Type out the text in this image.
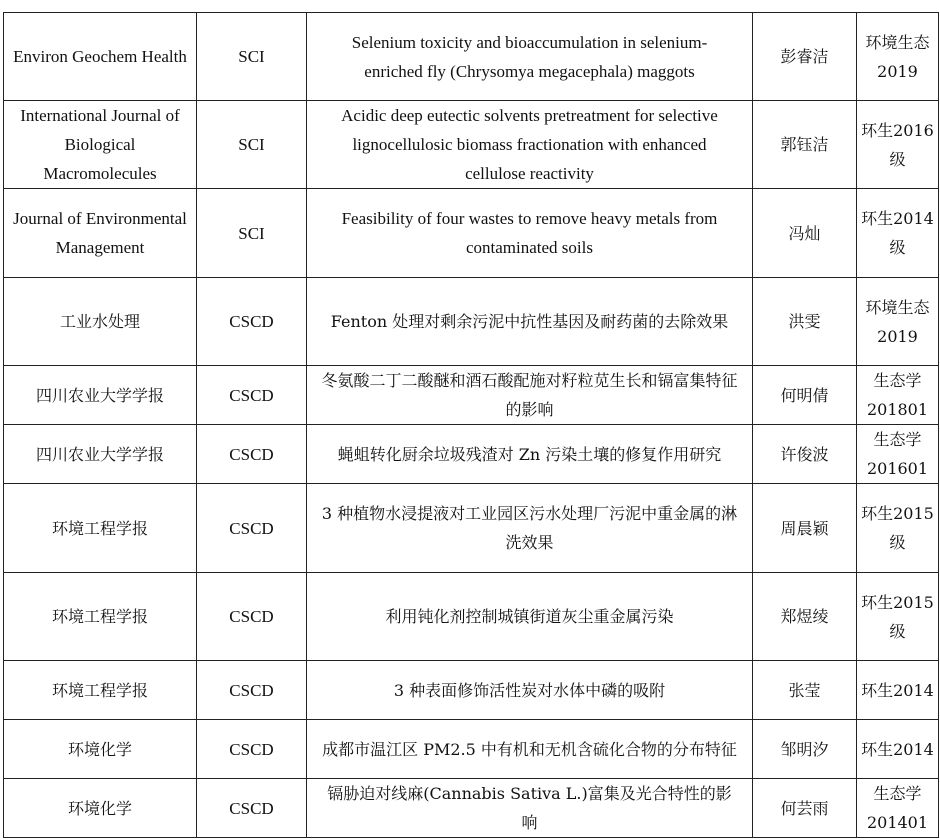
Environ Geochem Health	SCI	Selenium toxicity and bioaccumulation in selenium- enriched fly (Chrysomya megacephala) maggots	彭睿洁	环境生态2019
International Journal of Biological Macromolecules	SCI	Acidic deep eutectic solvents pretreatment for selective lignocellulosic biomass fractionation with enhanced cellulose reactivity	郭钰洁	环生2016级
Journal of Environmental Management	SCI	Feasibility of four wastes to remove heavy metals from contaminated soils	冯灿	环生2014级
工业水处理	CSCD	Fenton 处理对剩余污泥中抗性基因及耐药菌的去除效果	洪雯	环境生态2019
四川农业大学学报	CSCD	冬氨酸二丁二酸醚和酒石酸配施对籽粒苋生长和镉富集特征的影响	何明倩	生态学201801
四川农业大学学报	CSCD	蝇蛆转化厨余垃圾残渣对 Zn 污染土壤的修复作用研究	许俊波	生态学201601
环境工程学报	CSCD	3 种植物水浸提液对工业园区污水处理厂污泥中重金属的淋洗效果	周晨颖	环生2015级
环境工程学报	CSCD	利用钝化剂控制城镇街道灰尘重金属污染	郑煜绫	环生2015级
环境工程学报	CSCD	3 种表面修饰活性炭对水体中磷的吸附	张莹	环生2014
环境化学	CSCD	成都市温江区 PM2.5 中有机和无机含硫化合物的分布特征	邹明汐	环生2014
环境化学	CSCD	镉胁迫对线麻(Cannabis Sativa L.)富集及光合特性的影响	何芸雨	生态学201401
